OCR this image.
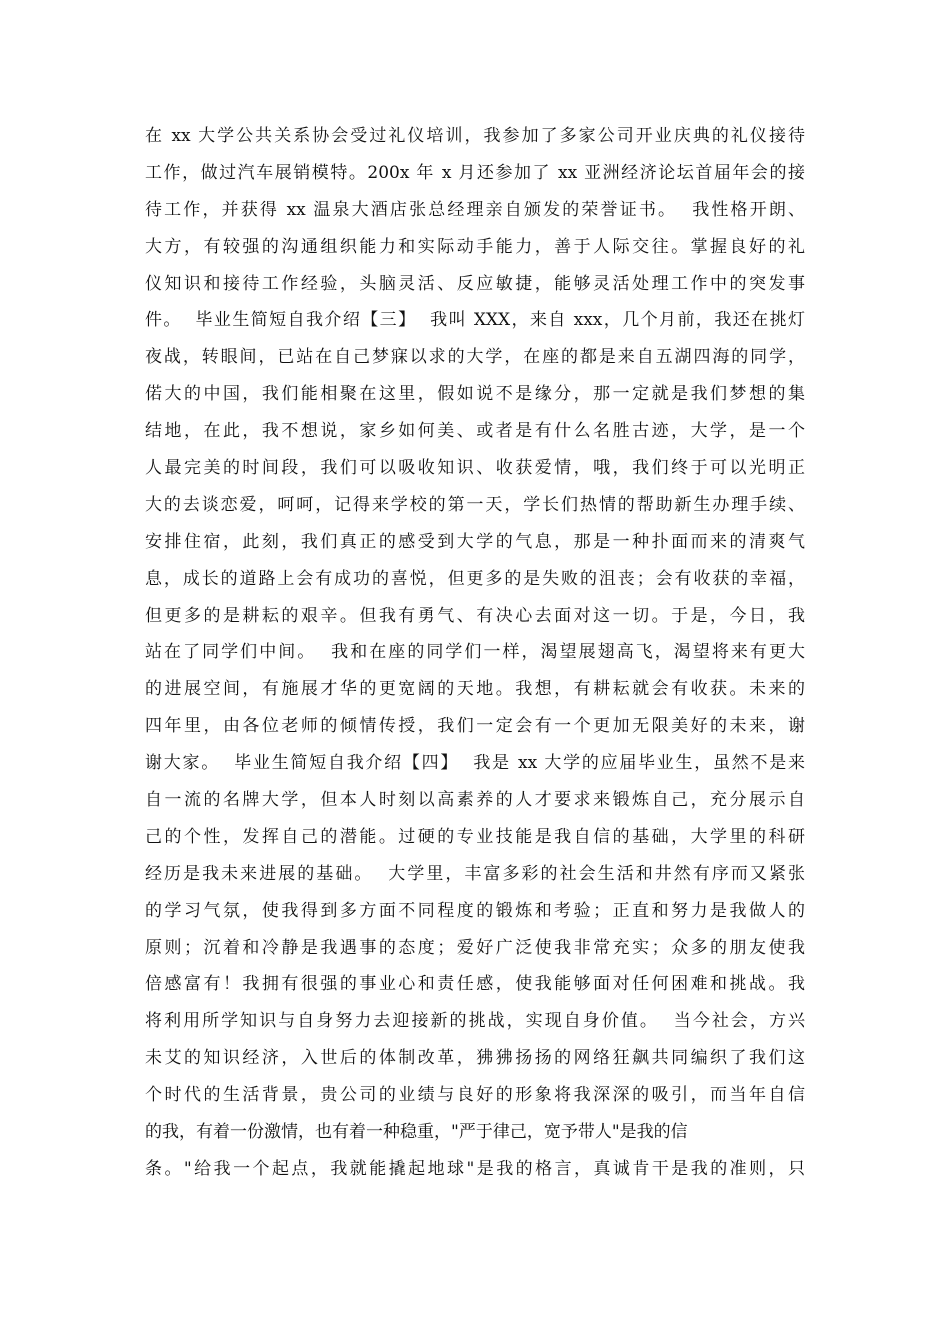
在 xx 大学公共关系协会受过礼仪培训，我参加了多家公司开业庆典的礼仪接待
工作，做过汽车展销模特。200x 年 x 月还参加了 xx 亚洲经济论坛首届年会的接
待工作，并获得 xx 温泉大酒店张总经理亲自颁发的荣誉证书。  我性格开朗、
大方，有较强的沟通组织能力和实际动手能力，善于人际交往。掌握良好的礼
仪知识和接待工作经验，头脑灵活、反应敏捷，能够灵活处理工作中的突发事
件。  毕业生简短自我介绍【三】  我叫 XXX，来自 xxx，几个月前，我还在挑灯
夜战，转眼间，已站在自己梦寐以求的大学，在座的都是来自五湖四海的同学，
偌大的中国，我们能相聚在这里，假如说不是缘分，那一定就是我们梦想的集
结地，在此，我不想说，家乡如何美、或者是有什么名胜古迹，大学，是一个
人最完美的时间段，我们可以吸收知识、收获爱情，哦，我们终于可以光明正
大的去谈恋爱，呵呵，记得来学校的第一天，学长们热情的帮助新生办理手续、
安排住宿，此刻，我们真正的感受到大学的气息，那是一种扑面而来的清爽气
息，成长的道路上会有成功的喜悦，但更多的是失败的沮丧；会有收获的幸福，
但更多的是耕耘的艰辛。但我有勇气、有决心去面对这一切。于是，今日，我
站在了同学们中间。  我和在座的同学们一样，渴望展翅高飞，渴望将来有更大
的进展空间，有施展才华的更宽阔的天地。我想，有耕耘就会有收获。未来的
四年里，由各位老师的倾情传授，我们一定会有一个更加无限美好的未来，谢
谢大家。  毕业生简短自我介绍【四】  我是 xx 大学的应届毕业生，虽然不是来
自一流的名牌大学，但本人时刻以高素养的人才要求来锻炼自己，充分展示自
己的个性，发挥自己的潜能。过硬的专业技能是我自信的基础，大学里的科研
经历是我未来进展的基础。  大学里，丰富多彩的社会生活和井然有序而又紧张
的学习气氛，使我得到多方面不同程度的锻炼和考验；正直和努力是我做人的
原则；沉着和冷静是我遇事的态度；爱好广泛使我非常充实；众多的朋友使我
倍感富有！我拥有很强的事业心和责任感，使我能够面对任何困难和挑战。我
将利用所学知识与自身努力去迎接新的挑战，实现自身价值。  当今社会，方兴
未艾的知识经济，入世后的体制改革，狒狒扬扬的网络狂飙共同编织了我们这
个时代的生活背景，贵公司的业绩与良好的形象将我深深的吸引，而当年自信
的我，有着一份激情，也有着一种稳重，"严于律己，宽予带人"是我的信
条。"给我一个起点，我就能撬起地球"是我的格言，真诚肯干是我的准则，只
